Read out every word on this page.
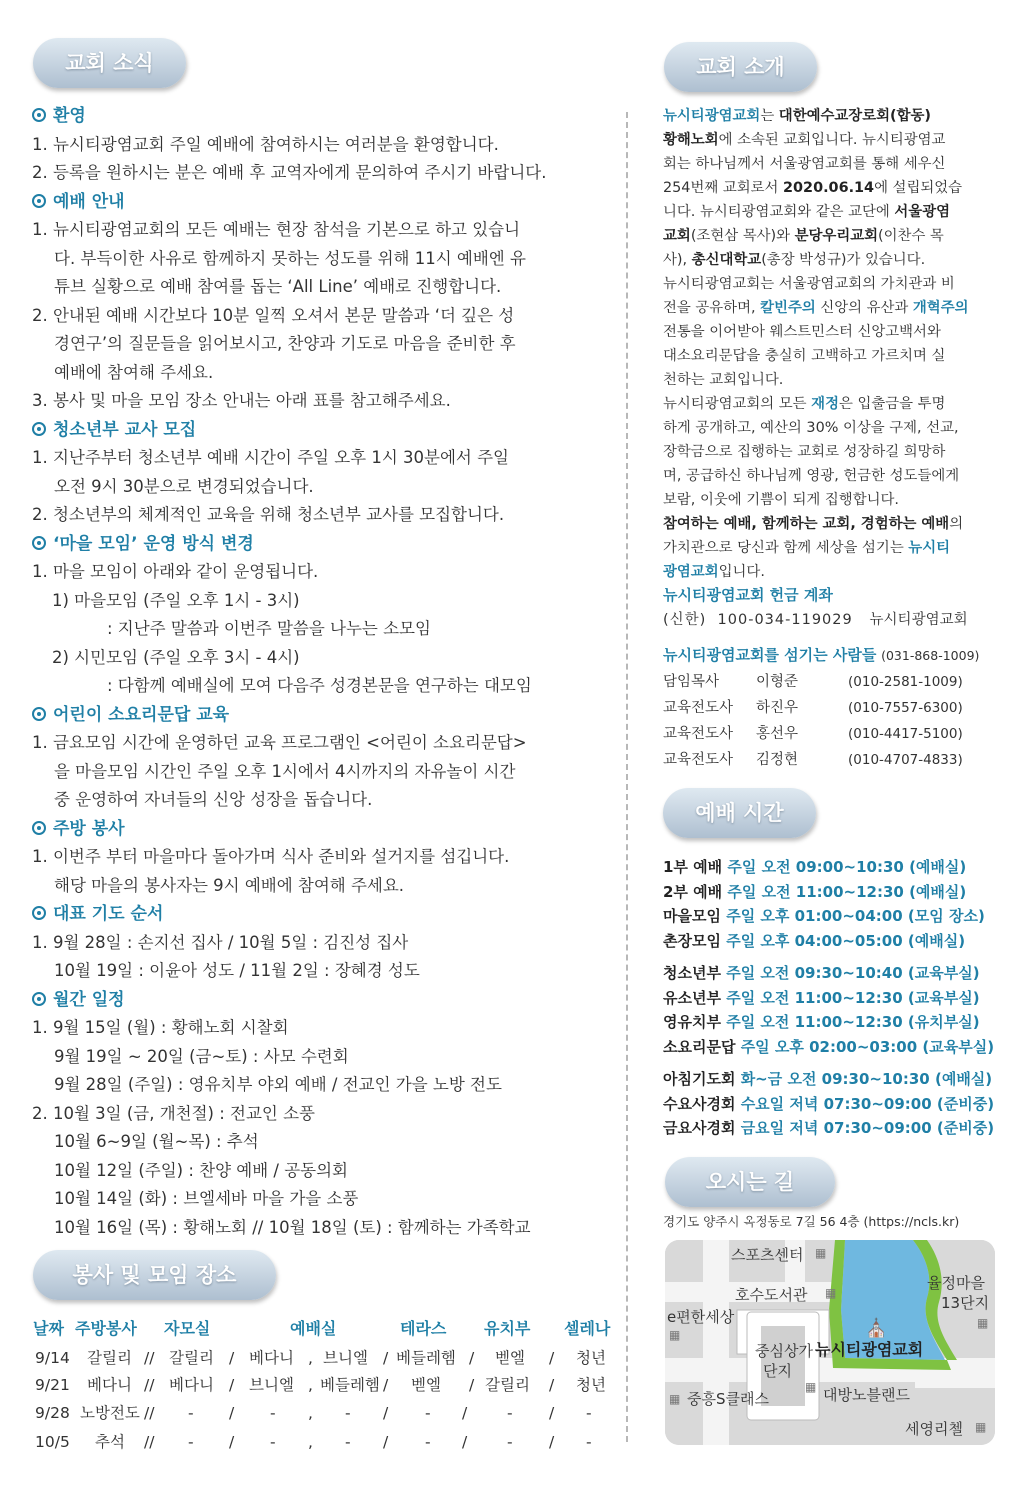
교회 소식	교회 소개
예배 시간
오시는 길
봉사 및 모임 장소
환영
1. 뉴시티광염교회 주일 예배에 참여하시는 여러분을 환영합니다.
2. 등록을 원하시는 분은 예배 후 교역자에게 문의하여 주시기 바랍니다.
예배 안내
1. 뉴시티광염교회의 모든 예배는 현장 참석을 기본으로 하고 있습니
다. 부득이한 사유로 함께하지 못하는 성도를 위해 11시 예배엔 유
튜브 실황으로 예배 참여를 돕는 ‘All Line’ 예배로 진행합니다.
2. 안내된 예배 시간보다 10분 일찍 오셔서 본문 말씀과 ‘더 깊은 성
경연구’의 질문들을 읽어보시고, 찬양과 기도로 마음을 준비한 후
예배에 참여해 주세요.
3. 봉사 및 마을 모임 장소 안내는 아래 표를 참고해주세요.
청소년부 교사 모집
1. 지난주부터 청소년부 예배 시간이 주일 오후 1시 30분에서 주일
오전 9시 30분으로 변경되었습니다.
2. 청소년부의 체계적인 교육을 위해 청소년부 교사를 모집합니다.
‘마을 모임’ 운영 방식 변경
1. 마을 모임이 아래와 같이 운영됩니다.
1) 마을모임 (주일 오후 1시 - 3시)
: 지난주 말씀과 이번주 말씀을 나누는 소모임
2) 시민모임 (주일 오후 3시 - 4시)
: 다함께 예배실에 모여 다음주 성경본문을 연구하는 대모임
어린이 소요리문답 교육
1. 금요모임 시간에 운영하던 교육 프로그램인 <어린이 소요리문답>
을 마을모임 시간인 주일 오후 1시에서 4시까지의 자유놀이 시간
중 운영하여 자녀들의 신앙 성장을 돕습니다.
주방 봉사
1. 이번주 부터 마을마다 돌아가며 식사 준비와 설거지를 섬깁니다.
해당 마을의 봉사자는 9시 예배에 참여해 주세요.
대표 기도 순서
1. 9월 28일 : 손지선 집사 / 10월 5일 : 김진성 집사
10월 19일 : 이윤아 성도 / 11월 2일 : 장혜경 성도
월간 일정
1. 9월 15일 (월) : 황해노회 시찰회
9월 19일 ~ 20일 (금~토) : 사모 수련회
9월 28일 (주일) : 영유치부 야외 예배 / 전교인 가을 노방 전도
2. 10월 3일 (금, 개천절) : 전교인 소풍
10월 6~9일 (월~목) : 추석
10월 12일 (주일) : 찬양 예배 / 공동의회
10월 14일 (화) : 브엘세바 마을 가을 소풍
10월 16일 (목) : 황해노회 // 10월 18일 (토) : 함께하는 가족학교
뉴시티광염교회는 대한예수교장로회(합동)
황해노회에 소속된 교회입니다. 뉴시티광염교
회는 하나님께서 서울광염교회를 통해 세우신
254번째 교회로서 2020.06.14에 설립되었습
니다. 뉴시티광염교회와 같은 교단에 서울광염
교회(조현삼 목사)와 분당우리교회(이찬수 목
사), 총신대학교(총장 박성규)가 있습니다.
뉴시티광염교회는 서울광염교회의 가치관과 비
전을 공유하며, 칼빈주의 신앙의 유산과 개혁주의
전통을 이어받아 웨스트민스터 신앙고백서와
대소요리문답을 충실히 고백하고 가르치며 실
천하는 교회입니다.
뉴시티광염교회의 모든 재정은 입출금을 투명
하게 공개하고, 예산의 30% 이상을 구제, 선교,
장학금으로 집행하는 교회로 성장하길 희망하
며, 공급하신 하나님께 영광, 헌금한 성도들에게
보람, 이웃에 기쁨이 되게 집행합니다.
참여하는 예배, 함께하는 교회, 경험하는 예배의
가치관으로 당신과 함께 세상을 섬기는 뉴시티
광염교회입니다.
뉴시티광염교회 헌금 계좌
(신한) 100-034-119029 뉴시티광염교회
뉴시티광염교회를 섬기는 사람들 (031-868-1009)
담임목사	이형준	(010-2581-1009)
교육전도사 하진우	(010-7557-6300)
교육전도사 홍선우	(010-4417-5100)
교육전도사 김정현	(010-4707-4833)
1부 예배 주일 오전 09:00~10:30 (예배실)
2부 예배 주일 오전 11:00~12:30 (예배실)
마을모임 주일 오후 01:00~04:00 (모임 장소)
촌장모임 주일 오후 04:00~05:00 (예배실)
청소년부 주일 오전 09:30~10:40 (교육부실)
유소년부 주일 오전 11:00~12:30 (교육부실)
영유치부 주일 오전 11:00~12:30 (유치부실)
소요리문답 주일 오후 02:00~03:00 (교육부실)
아침기도회 화~금 오전 09:30~10:30 (예배실)
수요사경회 수요일 저녁 07:30~09:00 (준비중)
금요사경회 금요일 저녁 07:30~09:00 (준비중)
경기도 양주시 옥정동로 7길 56 4층 (https://ncls.kr)
스포츠센터 ▦
호수도서관 ▦
율정마을
13단지
▦
e편한세상
▦
중심상가
단지
⛪
뉴시티광염교회
▦ 중흥S클래스
▦ 대방노블랜드
세영리첼 ▦
날짜 주방봉사 자모실	예배실	테라스 유치부 셀레나
9/14 갈릴리 // 갈릴리 / 베다니 , 브니엘 / 베들레헴 / 벧엘 / 청년
9/21 베다니 // 베다니 / 브니엘 , 베들레헴 / 벧엘 / 갈릴리 / 청년
9/28 노방전도 // - / - , - / - /	- / -
10/5 추석 // - / - , - / - /	- / -
